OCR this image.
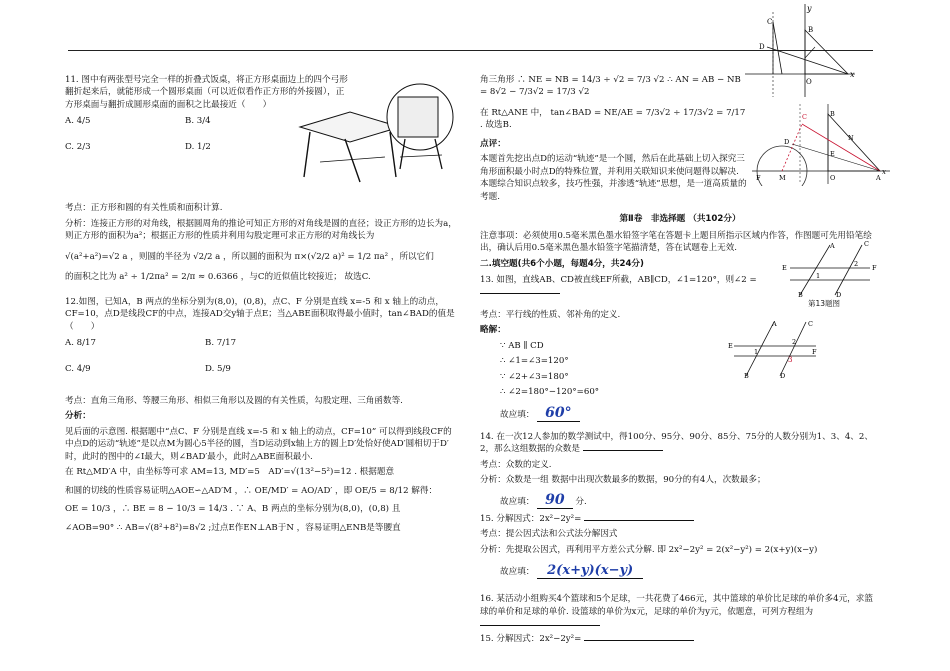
C
B
D
x
y
O

11. 图中有两张型号完全一样的折叠式饭桌，将正方形桌面边上的四个弓形翻折起来后，就能形成一个圆形桌面（可以近似看作正方形的外接圆），正方形桌面与翻折成圆形桌面的面积之比最接近（　　）

A. 4/5	B. 3/4
C. 2/3	D. 1/2

考点：正方形和圆的有关性质和面积计算.

分析：连接正方形的对角线，根据圆周角的推论可知正方形的对角线是圆的直径；设正方形的边长为a，则正方形的面积为a²；根据正方形的性质并利用勾股定理可求正方形的对角线长为

√(a²+a²)=√2 a ，则圆的半径为 √2/2 a ，所以圆的面积为 π×(√2/2 a)² = 1/2 πa² ，所以它们

的面积之比为 a² ÷ 1/2πa² = 2/π ≈ 0.6366 ，与C的近似值比较接近； 故选C.

12.如图，已知A，B 两点的坐标分别为(8,0)，(0,8)，点C、F 分别是直线 x=-5 和 x 轴上的动点，CF=10，点D是线段CF的中点，连接AD交y轴于点E；当△ABE面积取得最小值时，tan∠BAD的值是（　　）

A. 8/17	B. 7/17
C. 4/9	D. 5/9

考点：直角三角形、等腰三角形、相似三角形以及圆的有关性质，勾股定理、三角函数等.

分析：

见后面的示意图. 根据题中“点C、F 分别是直线 x=-5 和 x 轴上的动点，CF=10” 可以得到线段CF的中点D的运动“轨迹”是以点M为圆心5半径的圆，当D运动到x轴上方的圆上D′处恰好使AD′圆相切于D′时，此时的图中的∠I最大，则∠BAD′最小，此时△ABE面积最小.

在 Rt△MD′A 中，由坐标等可求 AM=13, MD′=5　AD′=√(13²−5²)=12 . 根据题意

和圆的切线的性质容易证明△AOE∽△AD′M ，∴ OE/MD′ = AO/AD′ ，即 OE/5 = 8/12 解得：

OE = 10/3 ，∴ BE = 8 − 10/3 = 14/3 . ∵ A、B 两点的坐标分别为(8,0)，(0,8) 且

∠AOB=90° ∴ AB=√(8²+8²)=8√2 ;过点E作EN⊥AB于N ，容易证明△ENB是等腰直

角三角形 ∴ NE = NB = 14/3 ÷ √2 = 7/3 √2 ∴ AN = AB − NB = 8√2 − 7/3√2 = 17/3 √2

在 Rt△ANE 中， tan∠BAD = NE/AE = 7/3√2 ÷ 17/3√2 = 7/17 . 故选B.

点评：

本题首先挖出点D的运动“轨迹”是一个圆，然后在此基础上切入探究三角形面积最小时点D的特殊位置，并利用关联知识来使问题得以解决. 本题综合知识点较多，技巧性强，并渗透“轨迹”思想，是一道高质量的考题.

第Ⅱ卷　非选择题 （共102分）

注意事项：必须使用0.5毫米黑色墨水铅签字笔在答题卡上题目所指示区域内作答，作图题可先用铅笔绘出，确认后用0.5毫米黑色墨水铅签字笔描清楚，答在试题卷上无效.

二.填空题(共6个小题，每题4分，共24分)

13. 如图，直线AB、CD被直线EF所截，AB∥CD，∠1=120°，则∠2 =

考点：平行线的性质、邻补角的定义.

略解：

∵ AB ∥ CD

∴ ∠1=∠3=120°

∵ ∠2+∠3=180°

∴ ∠2=180°−120°=60°

故应填： 60°

14. 在一次12人参加的数学测试中，得100分、95分、90分、85分、75分的人数分别为1、3、4、2、2，那么这组数据的众数是

考点：众数的定义.

分析：众数是一组 数据中出现次数最多的数据，90分的有4人，次数最多；

故应填： 90 分.

15. 分解因式：2x²−2y²=

考点：提公因式法和公式法分解因式

分析：先提取公因式，再利用平方差公式分解. 即 2x²−2y² = 2(x²−y²) = 2(x+y)(x−y)

故应填： 2(x+y)(x−y)

16. 某活动小组购买4个篮球和5个足球，一共花费了466元，其中篮球的单价比足球的单价多4元，求篮球的单价和足球的单价. 设篮球的单价为x元，足球的单价为y元，依题意，可列方程组为

15. 分解因式：2x²−2y²=

C	B
D
x
O	A
F	M
N
E
E	F
C
B
A
D
1
2
第13题图
E
F
C
A
B	D
1
2
3
